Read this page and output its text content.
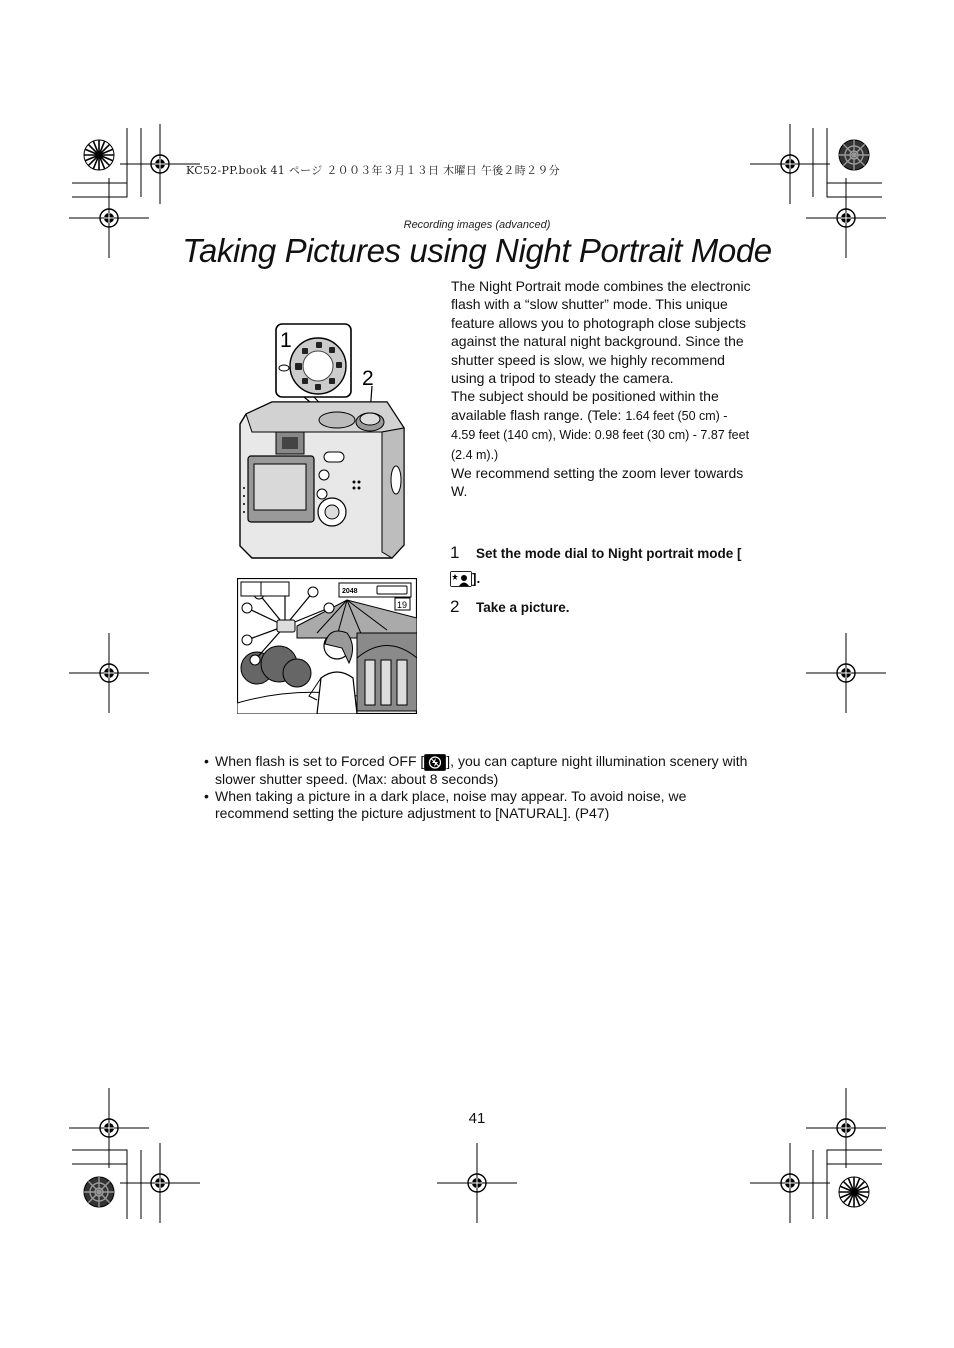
KC52-PP.book 41 ページ ２００３年３月１３日 木曜日 午後２時２９分
Recording images (advanced)
Taking Pictures using Night Portrait Mode
1
2
2048
19

The Night Portrait mode combines the electronic flash with a “slow shutter” mode. This unique feature allows you to photograph close subjects against the natural night background. Since the shutter speed is slow, we highly recommend using a tripod to steady the camera.

The subject should be positioned within the available flash range. (Tele: 1.64 feet (50 cm) - 4.59 feet (140 cm), Wide: 0.98 feet (30 cm) - 7.87 feet (2.4 m).)

We recommend setting the zoom lever towards W.

1 Set the mode dial to Night portrait mode [].
2 Take a picture.
• When flash is set to Forced OFF [ ], you can capture night illumination scenery with slower shutter speed. (Max: about 8 seconds)
• When taking a picture in a dark place, noise may appear. To avoid noise, we recommend setting the picture adjustment to [NATURAL]. (P47)
41
